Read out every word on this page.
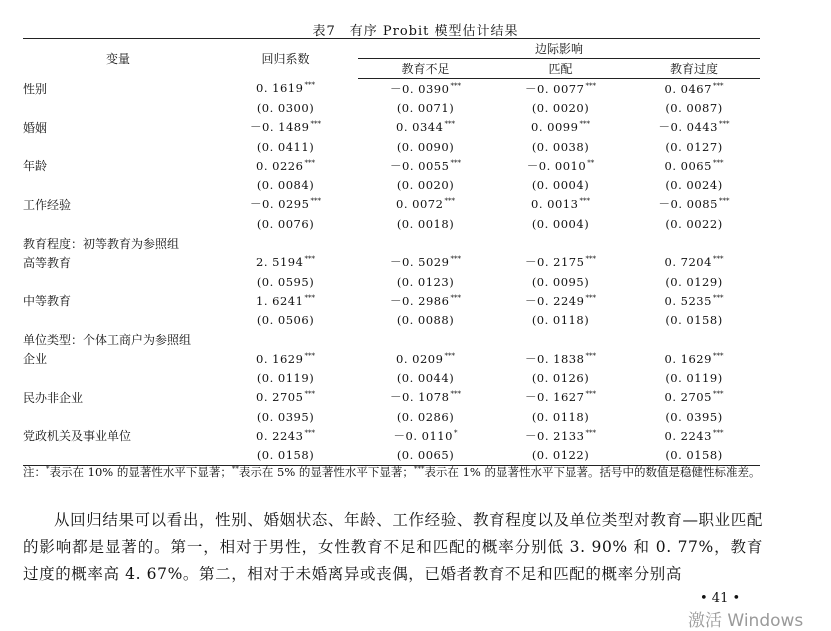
表7　有序 Probit 模型估计结果
变量	回归系数	边际影响		
		教育不足	匹配	教育过度
性别	0. 1619***	－0. 0390***	－0. 0077***	0. 0467***
	(0. 0300)	(0. 0071)	(0. 0020)	(0. 0087)
婚姻	－0. 1489***	0. 0344***	0. 0099***	－0. 0443***
	(0. 0411)	(0. 0090)	(0. 0038)	(0. 0127)
年龄	0. 0226***	－0. 0055***	－0. 0010**	0. 0065***
	(0. 0084)	(0. 0020)	(0. 0004)	(0. 0024)
工作经验	－0. 0295***	0. 0072***	0. 0013***	－0. 0085***
	(0. 0076)	(0. 0018)	(0. 0004)	(0. 0022)
教育程度：初等教育为参照组				
高等教育	2. 5194***	－0. 5029***	－0. 2175***	0. 7204***
	(0. 0595)	(0. 0123)	(0. 0095)	(0. 0129)
中等教育	1. 6241***	－0. 2986***	－0. 2249***	0. 5235***
	(0. 0506)	(0. 0088)	(0. 0118)	(0. 0158)
单位类型：个体工商户为参照组				
企业	0. 1629***	0. 0209***	－0. 1838***	0. 1629***
	(0. 0119)	(0. 0044)	(0. 0126)	(0. 0119)
民办非企业	0. 2705***	－0. 1078***	－0. 1627***	0. 2705***
	(0. 0395)	(0. 0286)	(0. 0118)	(0. 0395)
党政机关及事业单位	0. 2243***	－0. 0110*	－0. 2133***	0. 2243***
	(0. 0158)	(0. 0065)	(0. 0122)	(0. 0158)
注：*表示在 10% 的显著性水平下显著；**表示在 5% 的显著性水平下显著；***表示在 1% 的显著性水平下显著。括号中的数值是稳健性标准差。

从回归结果可以看出，性别、婚姻状态、年龄、工作经验、教育程度以及单位类型对教育—职业匹配的影响都是显著的。第一，相对于男性，女性教育不足和匹配的概率分别低 3. 90% 和 0. 77%，教育过度的概率高 4. 67%。第二，相对于未婚离异或丧偶，已婚者教育不足和匹配的概率分别高

• 41 •
激活 Windows
